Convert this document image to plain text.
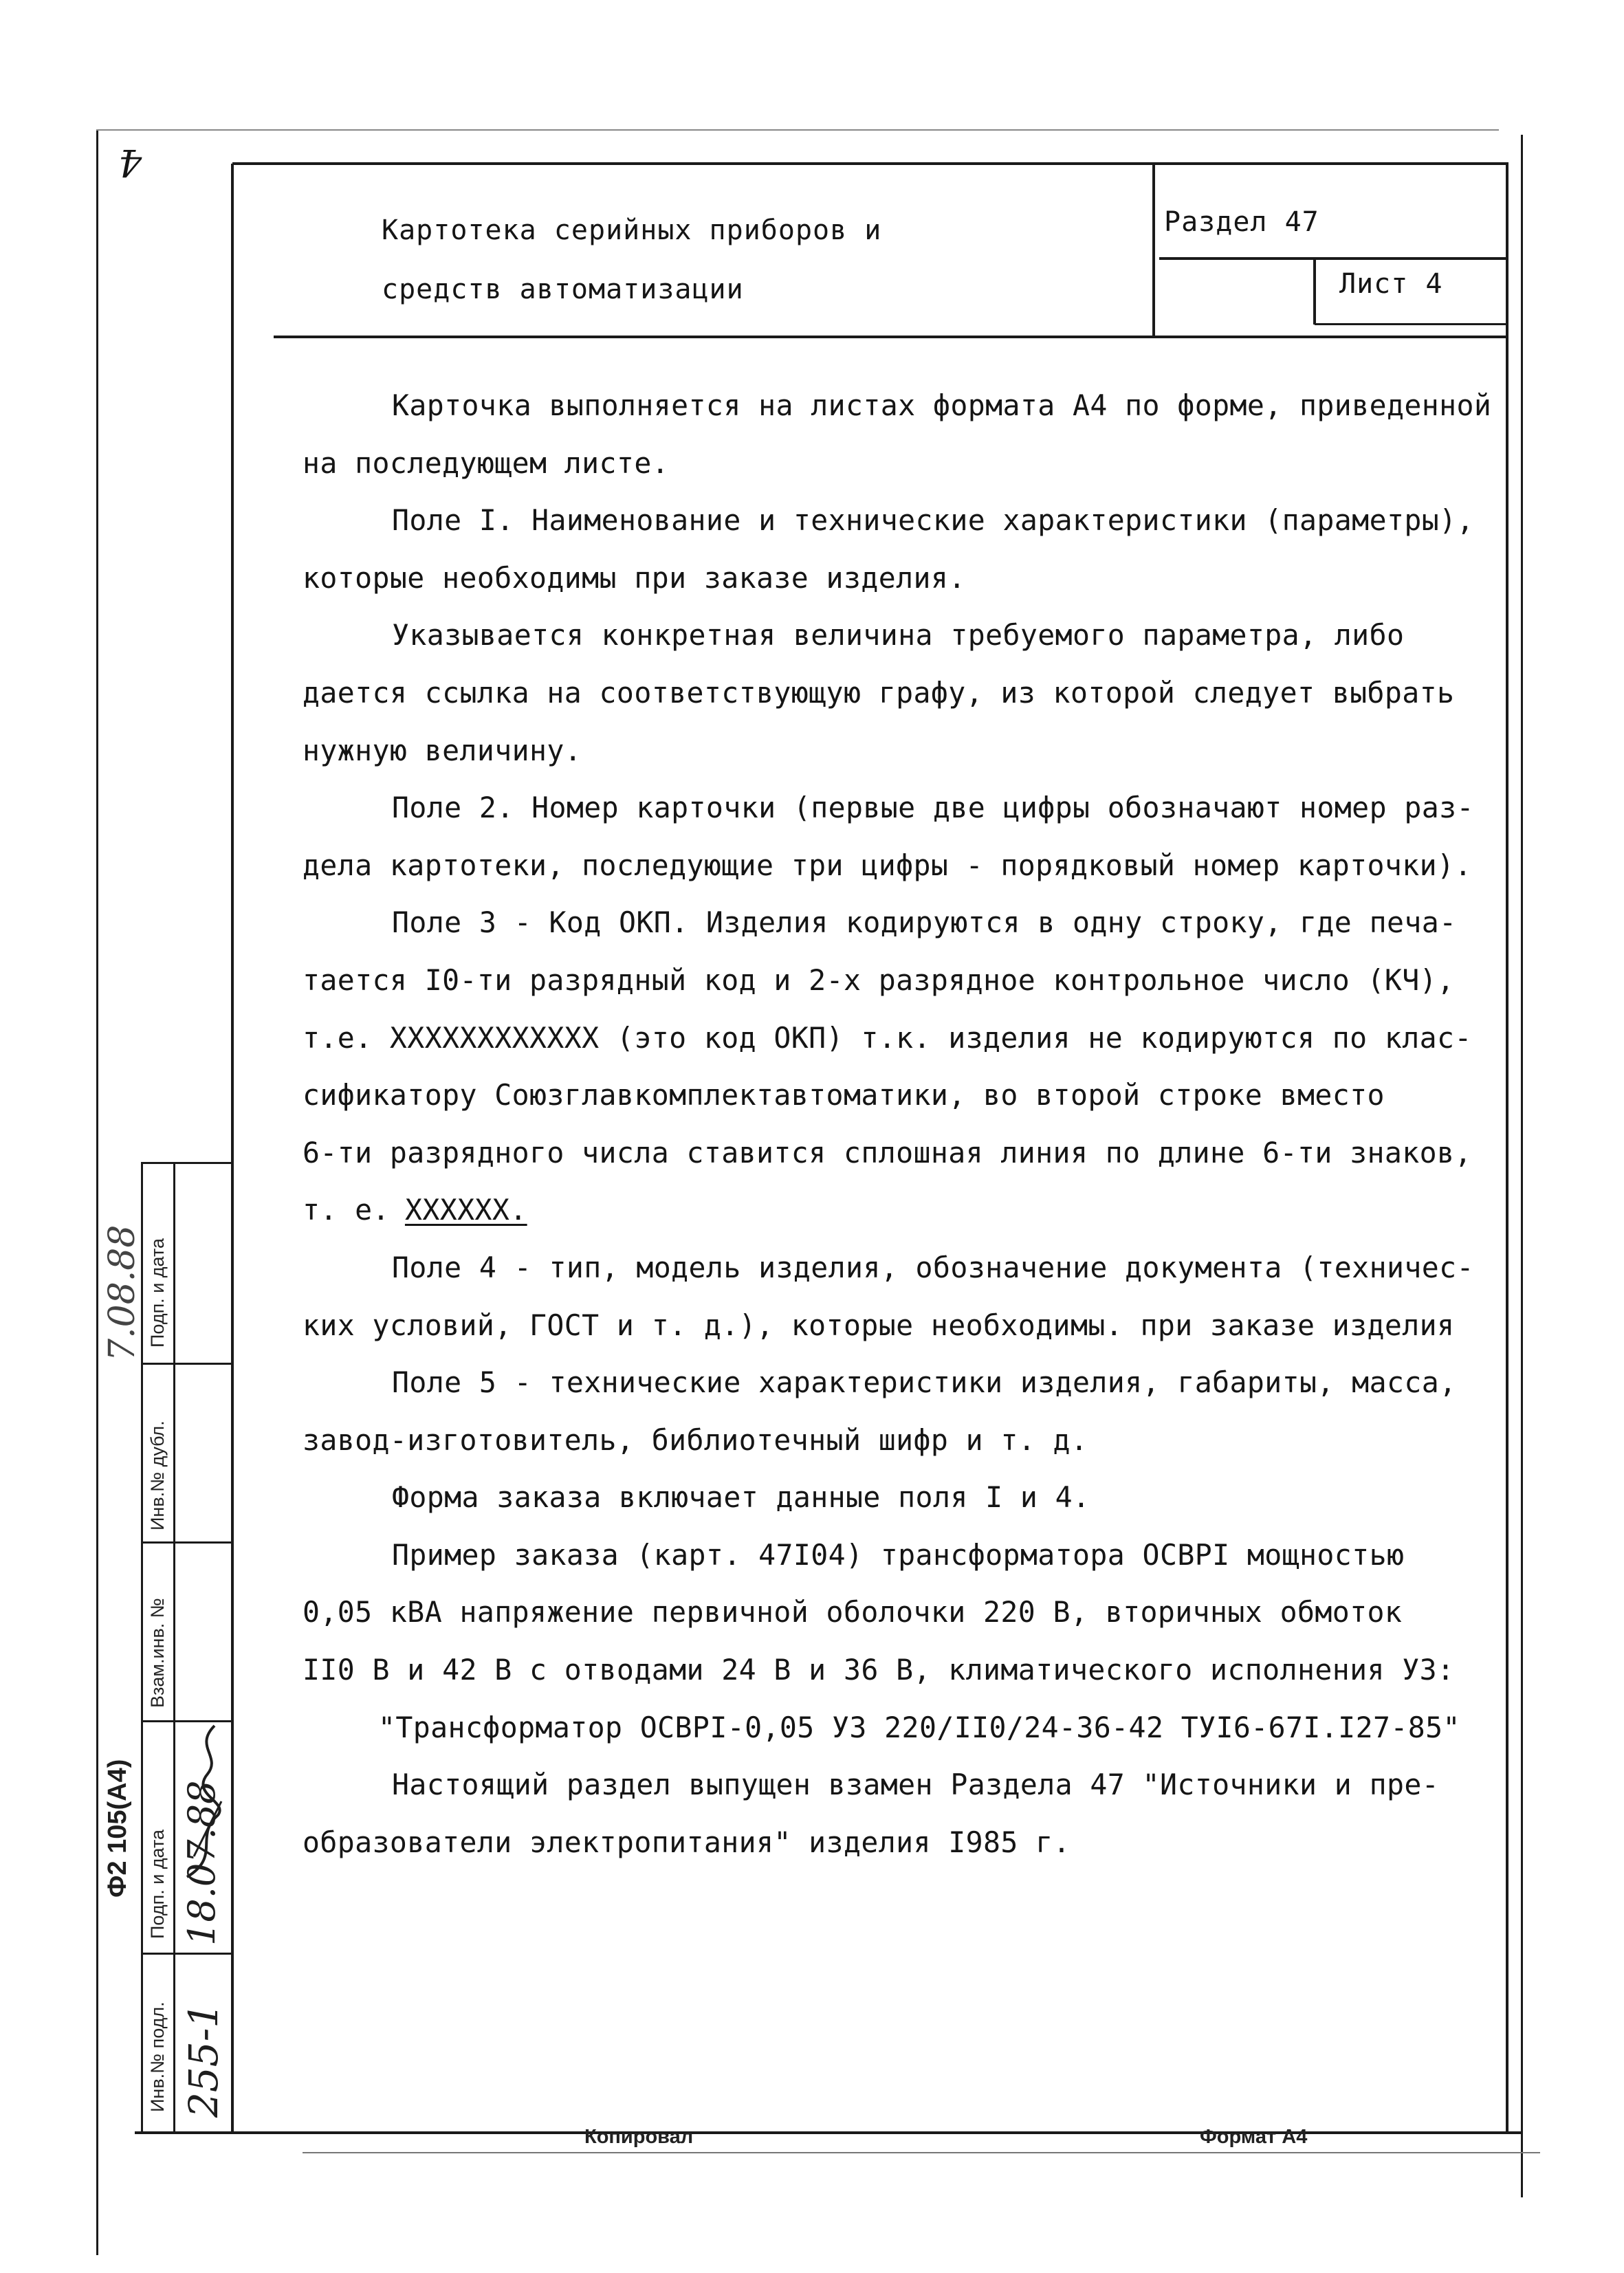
4
Картотека серийных приборов и
средств автоматизации
Раздел 47
Лист 4
Карточка выполняется на листах формата А4 по форме, приведенной
на последующем листе.
Поле I. Наименование и технические характеристики (параметры),
которые необходимы при заказе изделия.
Указывается конкретная величина требуемого параметра, либо
дается ссылка на соответствующую графу, из которой следует выбрать
нужную величину.
Поле 2. Номер карточки (первые две цифры обозначают номер раз-
дела картотеки, последующие три цифры - порядковый номер карточки).
Поле 3 - Код ОКП. Изделия кодируются в одну строку, где печа-
тается I0-ти разрядный код и 2-х разрядное контрольное число (КЧ),
т.е. XXXXXXXXXXXX (это код ОКП) т.к. изделия не кодируются по клас-
сификатору Союзглавкомплектавтоматики, во второй строке вместо
6-ти разрядного числа ставится сплошная линия по длине 6-ти знаков,
т. е. XXXXXX.
Поле 4 - тип, модель изделия, обозначение документа (техничес-
ких условий, ГОСТ и т. д.), которые необходимы. при заказе изделия
Поле 5 - технические характеристики изделия, габариты, масса,
завод-изготовитель, библиотечный шифр и т. д.
Форма заказа включает данные поля I и 4.
Пример заказа (карт. 47I04) трансформатора ОСВРI мощностью
0,05 кВА напряжение первичной оболочки 220 В, вторичных обмоток
II0 В и 42 В с отводами 24 В и 36 В, климатического исполнения УЗ:
"Трансформатор ОСВРI-0,05 УЗ 220/II0/24-36-42 ТУI6-67I.I27-85"
Настоящий раздел выпущен взамен Раздела 47 "Источники и пре-
образователи электропитания" изделия I985 г.
Инв.№ подл.
Подп. и дата
Взам.инв. №
Инв.№ дубл.
Подп. и дата
255-1
18.07.88
Ф2 105(А4)
7.08.88
Копировал	Формат А4
